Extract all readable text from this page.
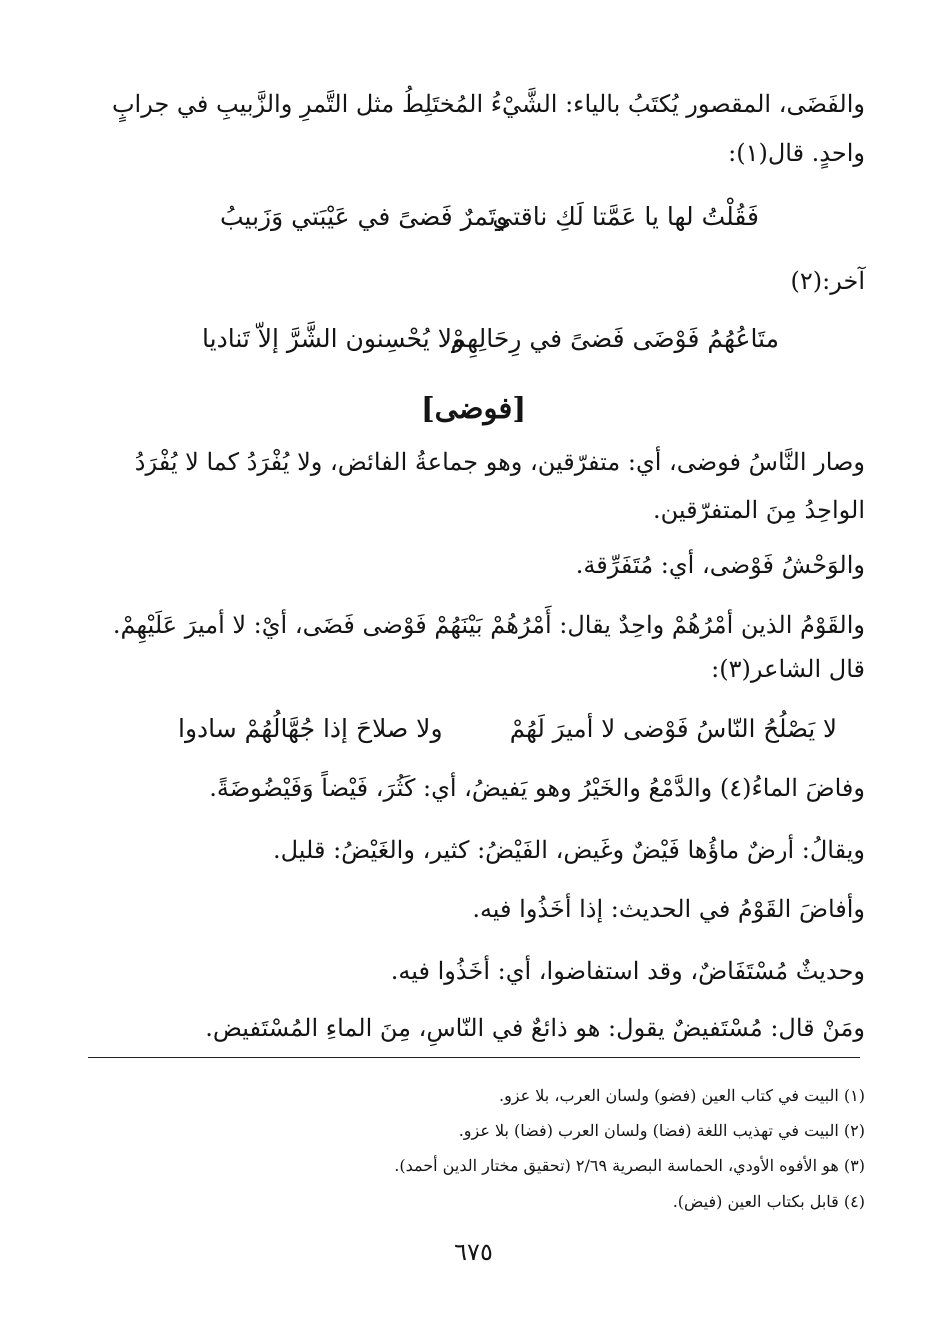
والفَضَى، المقصور يُكتَبُ بالياء: الشَّيْءُ المُختَلِطُ مثل التَّمرِ والزَّبيبِ في جرابٍ
واحدٍ. قال(١):
فَقُلْتُ لها يا عَمَّتا لَكِ ناقتي
وتَمرٌ فَضىً في عَيْبَتي وَزَبيبُ
آخر:(٢)
متَاعُهُمُ فَوْضَى فَضىً في رِحَالِهِمْ
ولا يُحْسِنون الشَّرَّ إلاّ تَناديا
[فوضى]
وصار النَّاسُ فوضى، أي: متفرّقين، وهو جماعةُ الفائض، ولا يُفْرَدُ كما لا يُفْرَدُ
الواحِدُ مِنَ المتفرّقين.
والوَحْشُ فَوْضى، أي: مُتَفَرِّقة.
والقَوْمُ الذين أمْرُهُمْ واحِدٌ يقال: أَمْرُهُمْ بَيْنَهُمْ فَوْضى فَضَى، أيْ: لا أميرَ عَلَيْهِمْ.
قال الشاعر(٣):
لا يَصْلُحُ النّاسُ فَوْضى لا أميرَ لَهُمْ
ولا صلاحَ إذا جُهَّالُهُمْ سادوا
وفاضَ الماءُ(٤) والدَّمْعُ والخَيْرُ وهو يَفيضُ، أي: كَثُرَ، فَيْضاً وَفَيْضُوضَةً.
ويقالُ: أرضٌ ماؤُها فَيْضٌ وغَيض، الفَيْضُ: كثير، والغَيْضُ: قليل.
وأفاضَ القَوْمُ في الحديث: إذا أخَذُوا فيه.
وحديثٌ مُسْتَفَاضٌ، وقد استفاضوا، أي: أخَذُوا فيه.
ومَنْ قال: مُسْتَفيضٌ يقول: هو ذائعٌ في النّاسِ، مِنَ الماءِ المُسْتَفيض.
(١) البيت في كتاب العين (فضو) ولسان العرب، بلا عزو.
(٢) البيت في تهذيب اللغة (فضا) ولسان العرب (فضا) بلا عزو.
(٣) هو الأفوه الأودي، الحماسة البصرية ٢/٦٩ (تحقيق مختار الدين أحمد).
(٤) قابل بكتاب العين (فيض).
٦٧٥
